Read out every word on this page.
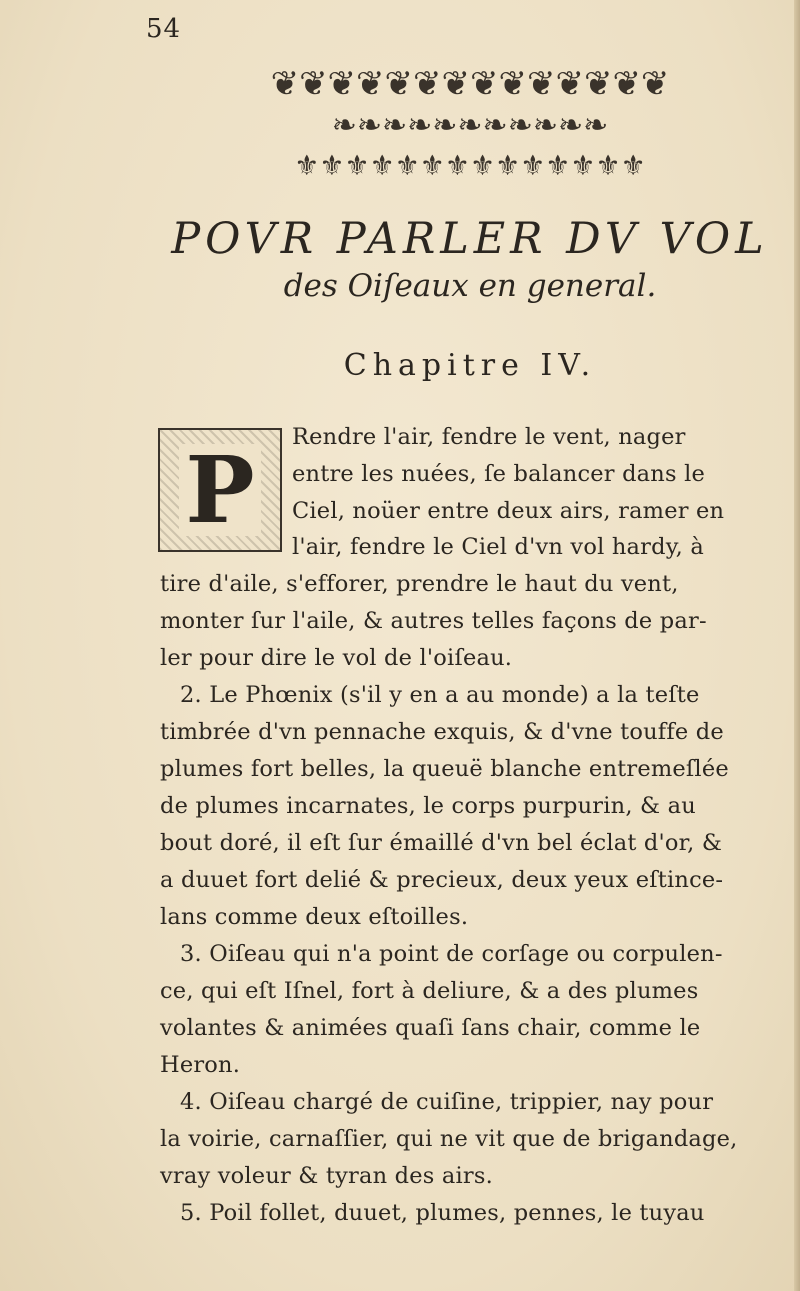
54
❦❦❦❦❦❦❦❦❦❦❦❦❦❦
❧❧❧❧❧❧❧❧❧❧❧
⚜⚜⚜⚜⚜⚜⚜⚜⚜⚜⚜⚜⚜⚜
POVR PARLER DV VOL
des Oiſeaux en general.
Chapitre IV.
P Rendre l'air, fendre le vent, nager
entre les nuées, ſe balancer dans le
Ciel, noüer entre deux airs, ramer en
l'air, fendre le Ciel d'vn vol hardy, à
tire d'aile, s'efforer, prendre le haut du vent,
monter ſur l'aile, & autres telles façons de par-
ler pour dire le vol de l'oiſeau.
2. Le Phœnix (s'il y en a au monde) a la teſte
timbrée d'vn pennache exquis, & d'vne touffe de
plumes fort belles, la queuë blanche entremeſlée
de plumes incarnates, le corps purpurin, & au
bout doré, il eſt ſur émaillé d'vn bel éclat d'or, &
a duuet fort delié & precieux, deux yeux eſtince-
lans comme deux eſtoilles.
3. Oiſeau qui n'a point de corſage ou corpulen-
ce, qui eſt Iſnel, fort à deliure, & a des plumes
volantes & animées quaſi ſans chair, comme le
Heron.
4. Oiſeau chargé de cuiſine, trippier, nay pour
la voirie, carnaſſier, qui ne vit que de brigandage,
vray voleur & tyran des airs.
5. Poil follet, duuet, plumes, pennes, le tuyau
